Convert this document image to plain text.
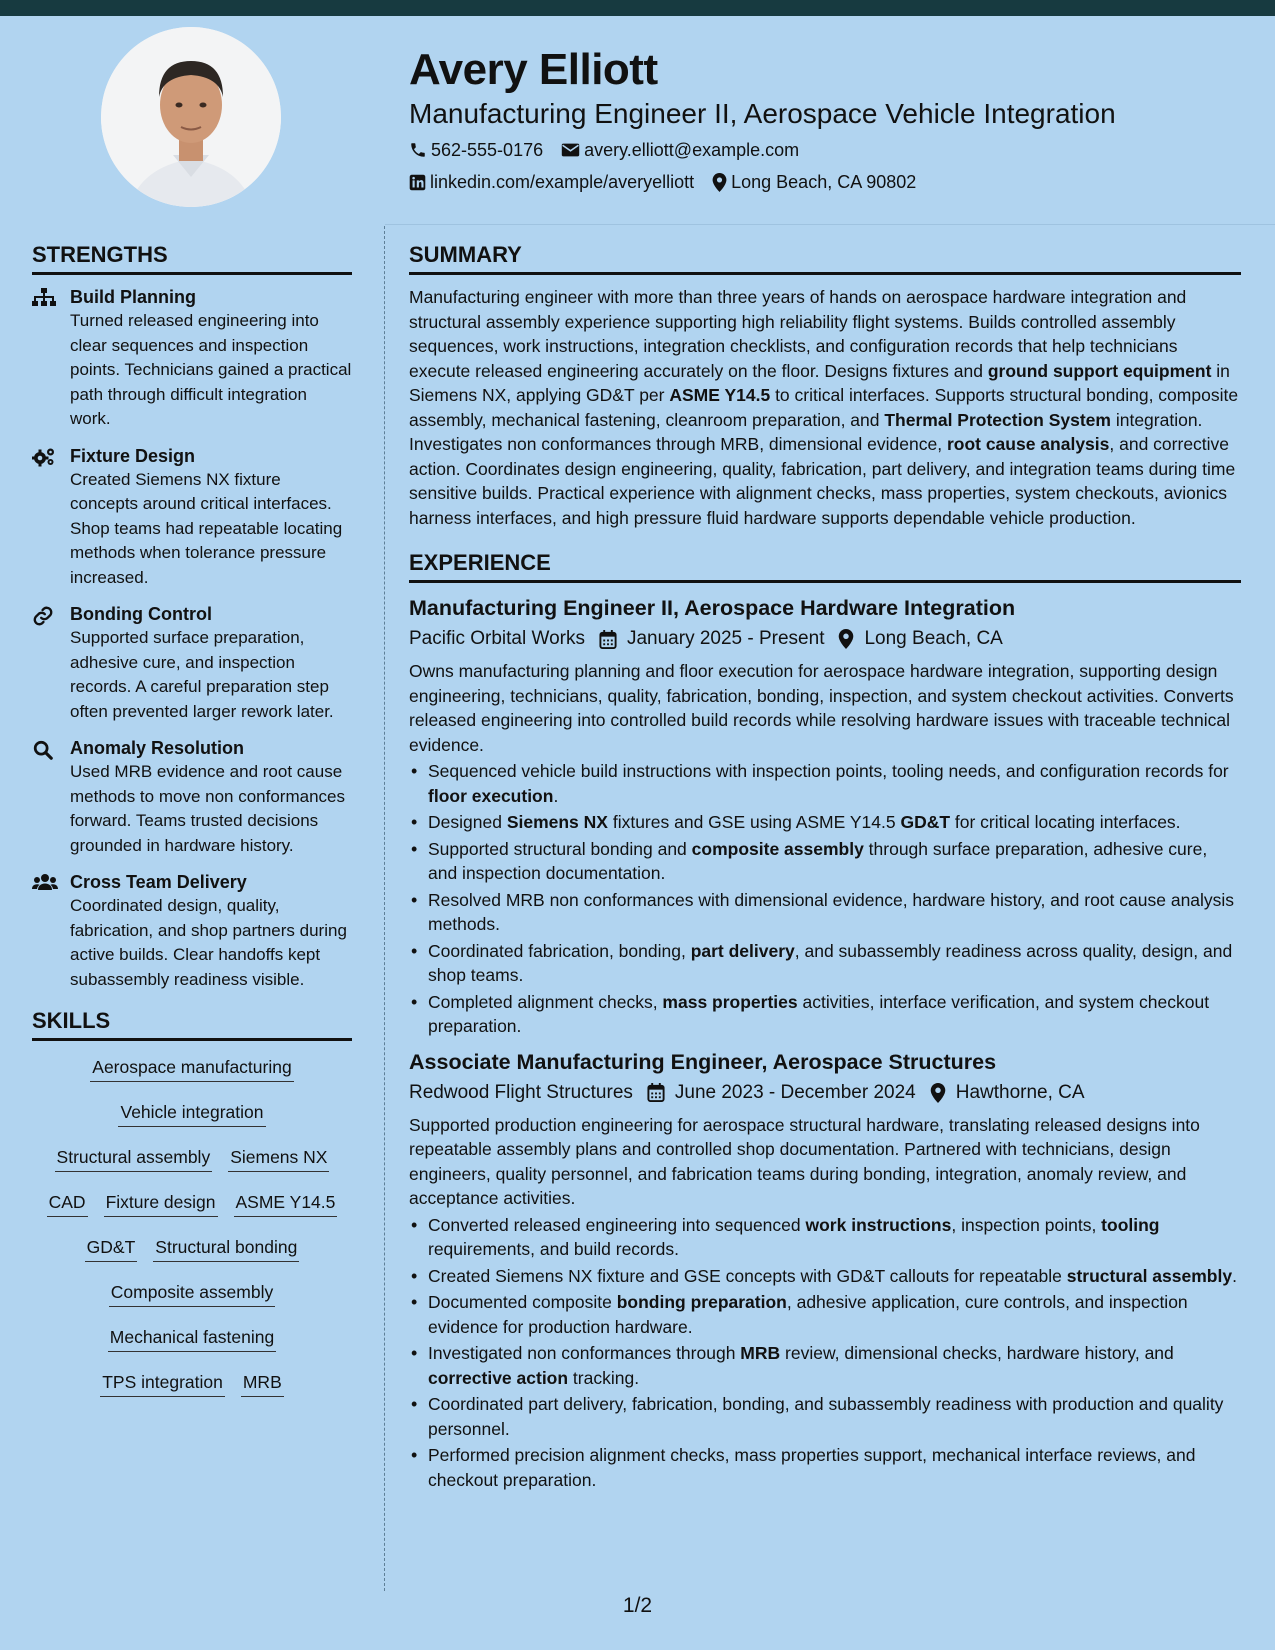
Avery Elliott
Manufacturing Engineer II, Aerospace Vehicle Integration
562-555-0176 avery.elliott@example.com
linkedin.com/example/averyelliott Long Beach, CA 90802
STRENGTHS
Build Planning
Turned released engineering into clear sequences and inspection points. Technicians gained a practical path through difficult integration work.
Fixture Design
Created Siemens NX fixture concepts around critical interfaces. Shop teams had repeatable locating methods when tolerance pressure increased.
Bonding Control
Supported surface preparation, adhesive cure, and inspection records. A careful preparation step often prevented larger rework later.
Anomaly Resolution
Used MRB evidence and root cause methods to move non conformances forward. Teams trusted decisions grounded in hardware history.
Cross Team Delivery
Coordinated design, quality, fabrication, and shop partners during active builds. Clear handoffs kept subassembly readiness visible.
SKILLS
Aerospace manufacturing
Vehicle integration
Structural assembly Siemens NX
CAD Fixture design ASME Y14.5
GD&T Structural bonding
Composite assembly
Mechanical fastening
TPS integration MRB
SUMMARY

Manufacturing engineer with more than three years of hands on aerospace hardware integration and structural assembly experience supporting high reliability flight systems. Builds controlled assembly sequences, work instructions, integration checklists, and configuration records that help technicians execute released engineering accurately on the floor. Designs fixtures and ground support equipment in Siemens NX, applying GD&T per ASME Y14.5 to critical interfaces. Supports structural bonding, composite assembly, mechanical fastening, cleanroom preparation, and Thermal Protection System integration. Investigates non conformances through MRB, dimensional evidence, root cause analysis, and corrective action. Coordinates design engineering, quality, fabrication, part delivery, and integration teams during time sensitive builds. Practical experience with alignment checks, mass properties, system checkouts, avionics harness interfaces, and high pressure fluid hardware supports dependable vehicle production.

EXPERIENCE
Manufacturing Engineer II, Aerospace Hardware Integration
Pacific Orbital Works January 2025 - Present Long Beach, CA
Owns manufacturing planning and floor execution for aerospace hardware integration, supporting design engineering, technicians, quality, fabrication, bonding, inspection, and system checkout activities. Converts released engineering into controlled build records while resolving hardware issues with traceable technical evidence.
• Sequenced vehicle build instructions with inspection points, tooling needs, and configuration records for floor execution.
• Designed Siemens NX fixtures and GSE using ASME Y14.5 GD&T for critical locating interfaces.
• Supported structural bonding and composite assembly through surface preparation, adhesive cure, and inspection documentation.
• Resolved MRB non conformances with dimensional evidence, hardware history, and root cause analysis methods.
• Coordinated fabrication, bonding, part delivery, and subassembly readiness across quality, design, and shop teams.
• Completed alignment checks, mass properties activities, interface verification, and system checkout preparation.
Associate Manufacturing Engineer, Aerospace Structures
Redwood Flight Structures June 2023 - December 2024 Hawthorne, CA
Supported production engineering for aerospace structural hardware, translating released designs into repeatable assembly plans and controlled shop documentation. Partnered with technicians, design engineers, quality personnel, and fabrication teams during bonding, integration, anomaly review, and acceptance activities.
• Converted released engineering into sequenced work instructions, inspection points, tooling requirements, and build records.
• Created Siemens NX fixture and GSE concepts with GD&T callouts for repeatable structural assembly.
• Documented composite bonding preparation, adhesive application, cure controls, and inspection evidence for production hardware.
• Investigated non conformances through MRB review, dimensional checks, hardware history, and corrective action tracking.
• Coordinated part delivery, fabrication, bonding, and subassembly readiness with production and quality personnel.
• Performed precision alignment checks, mass properties support, mechanical interface reviews, and checkout preparation.
1/2
